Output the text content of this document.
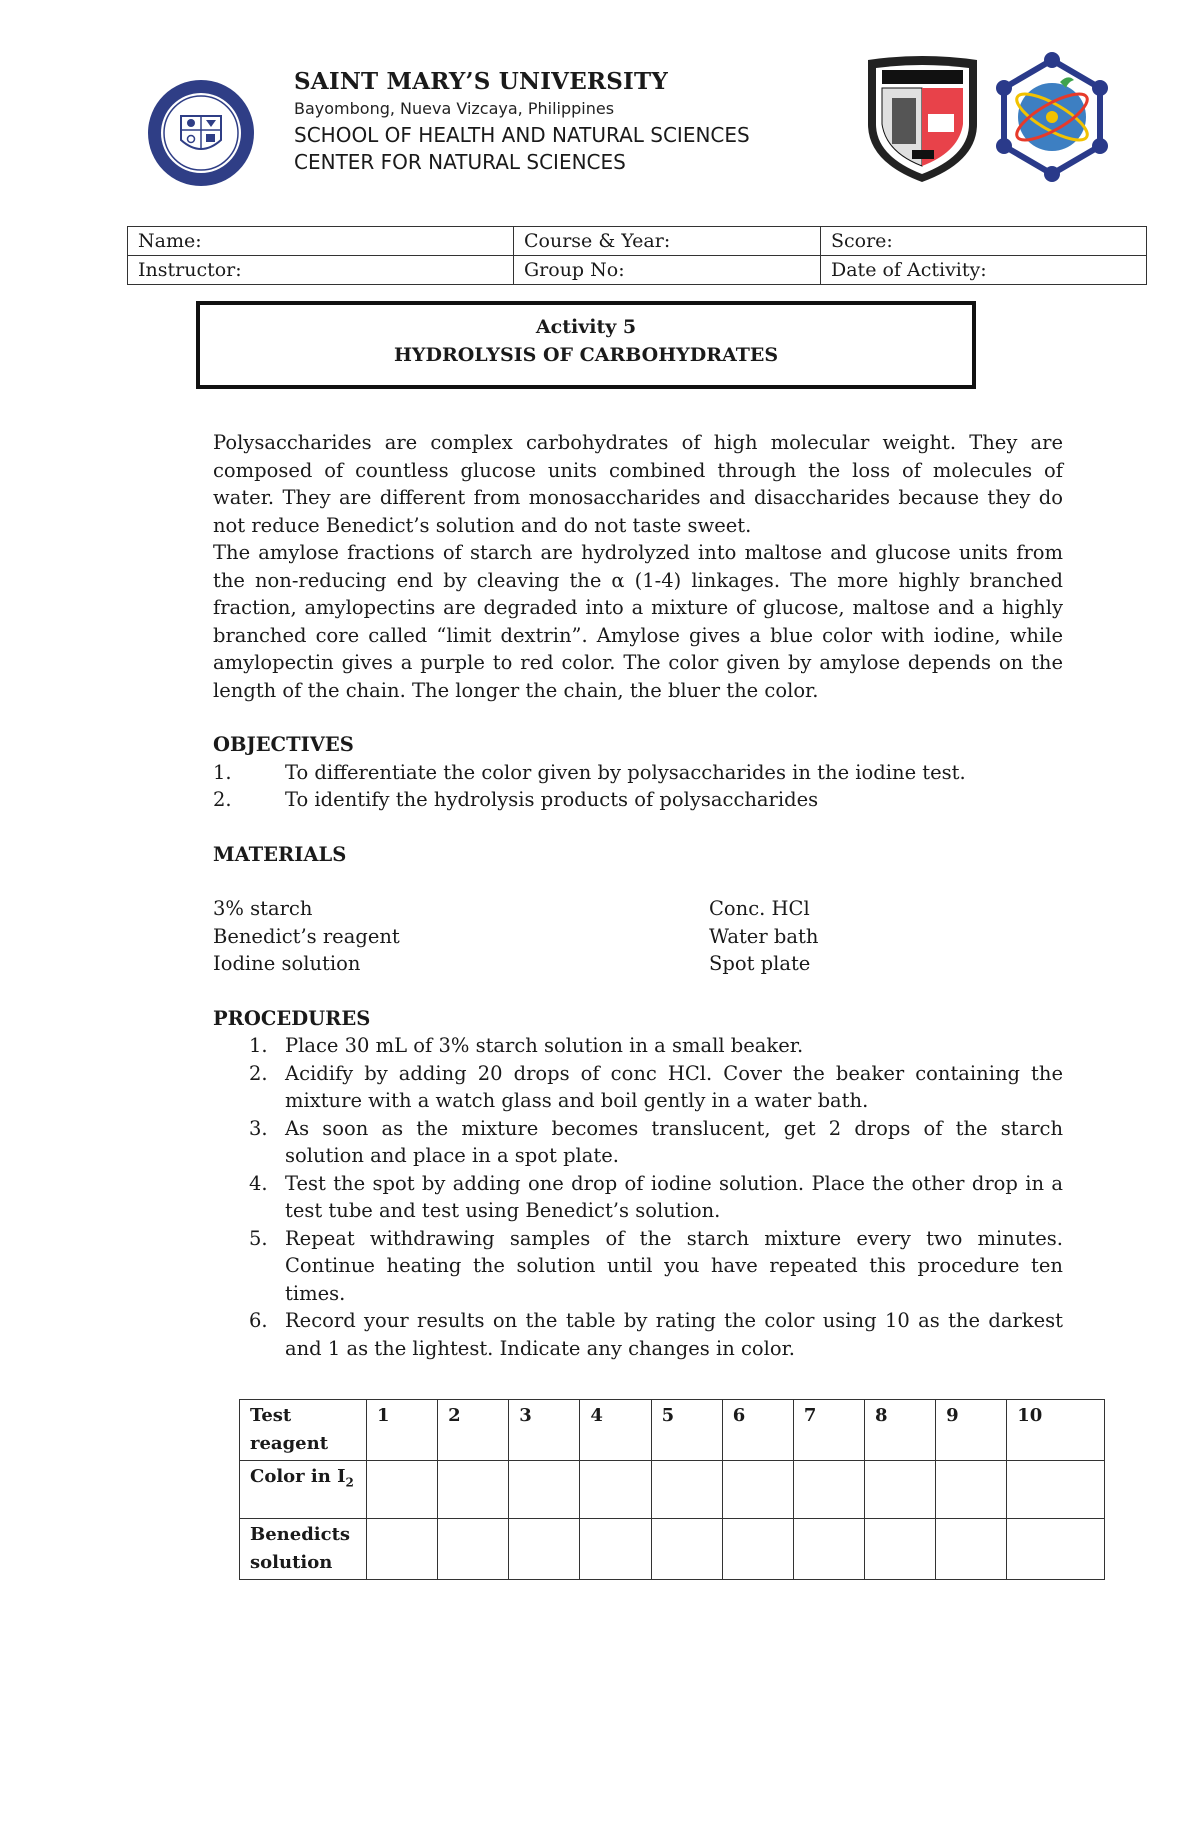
SAINT MARY’S UNIVERSITY
Bayombong, Nueva Vizcaya, Philippines
SCHOOL OF HEALTH AND NATURAL SCIENCES
CENTER FOR NATURAL SCIENCES
Name:	Course & Year:	Score:
Instructor:	Group No:	Date of Activity:
Activity 5
HYDROLYSIS OF CARBOHYDRATES
Polysaccharides are complex carbohydrates of high molecular weight. They are composed of countless glucose units combined through the loss of molecules of water. They are different from monosaccharides and disaccharides because they do not reduce Benedict’s solution and do not taste sweet.
The amylose fractions of starch are hydrolyzed into maltose and glucose units from the non-reducing end by cleaving the α (1-4) linkages. The more highly branched fraction, amylopectins are degraded into a mixture of glucose, maltose and a highly branched core called “limit dextrin”. Amylose gives a blue color with iodine, while amylopectin gives a purple to red color. The color given by amylose depends on the length of the chain. The longer the chain, the bluer the color.
OBJECTIVES
1.	To differentiate the color given by polysaccharides in the iodine test.
2.	To identify the hydrolysis products of polysaccharides
MATERIALS
3% starch	Conc. HCl
Benedict’s reagent	Water bath
Iodine solution	Spot plate
PROCEDURES
1. Place 30 mL of 3% starch solution in a small beaker.
2. Acidify by adding 20 drops of conc HCl. Cover the beaker containing the mixture with a watch glass and boil gently in a water bath.
3. As soon as the mixture becomes translucent, get 2 drops of the starch solution and place in a spot plate.
4. Test the spot by adding one drop of iodine solution. Place the other drop in a test tube and test using Benedict’s solution.
5. Repeat withdrawing samples of the starch mixture every two minutes. Continue heating the solution until you have repeated this procedure ten times.
6. Record your results on the table by rating the color using 10 as the darkest and 1 as the lightest. Indicate any changes in color.
Test reagent	1	2	3	4	5	6	7	8	9	10
Color in $I_2$										
Benedicts solution										
